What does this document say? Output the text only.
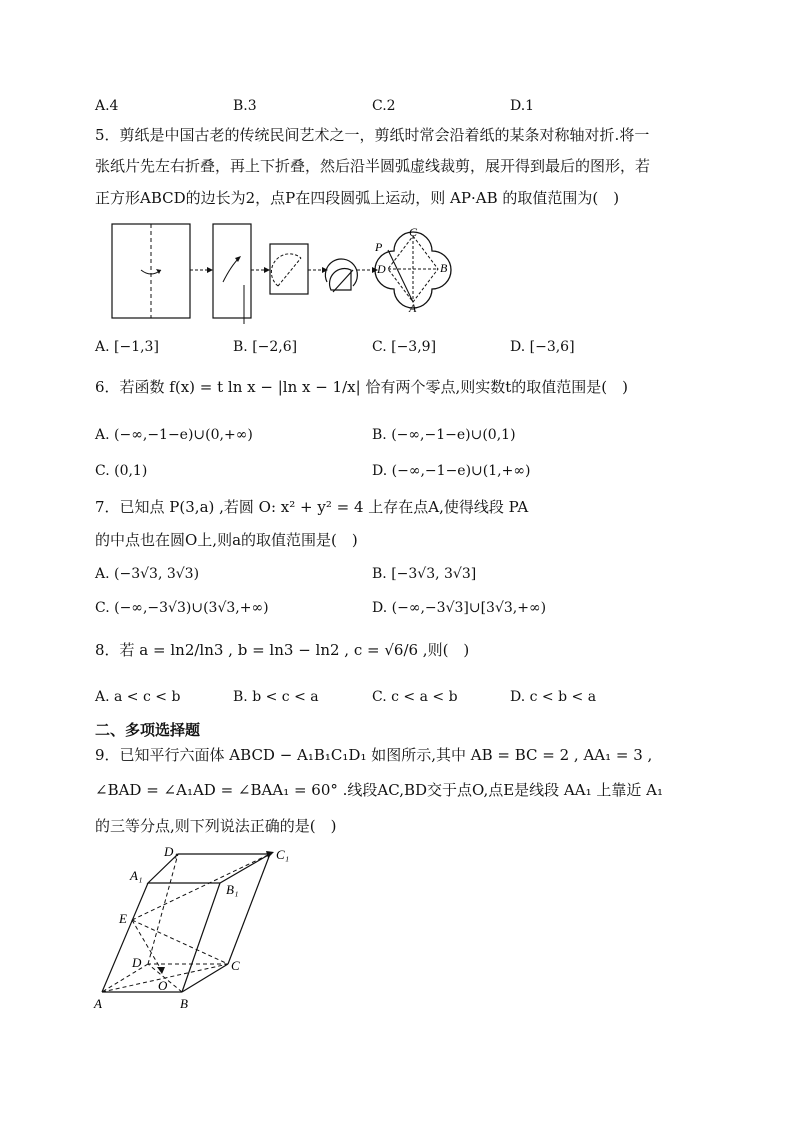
A.4	B.3	C.2	D.1
5．剪纸是中国古老的传统民间艺术之一，剪纸时常会沿着纸的某条对称轴对折.将一
张纸片先左右折叠，再上下折叠，然后沿半圆弧虚线裁剪，展开得到最后的图形，若
正方形ABCD的边长为2，点P在四段圆弧上运动，则 AP·AB 的取值范围为(　)
P
C
D	B
A
A. [−1,3]	B. [−2,6]	C. [−3,9]	D. [−3,6]
6．若函数 f(x) = t ln x − |ln x − 1/x| 恰有两个零点,则实数t的取值范围是(　)
A. (−∞,−1−e)∪(0,+∞)	B. (−∞,−1−e)∪(0,1)
C. (0,1)	D. (−∞,−1−e)∪(1,+∞)
7．已知点 P(3,a) ,若圆 O: x² + y² = 4 上存在点A,使得线段 PA
的中点也在圆O上,则a的取值范围是(　)
A. (−3√3, 3√3)	B. [−3√3, 3√3]
C. (−∞,−3√3)∪(3√3,+∞)	D. (−∞,−3√3]∪[3√3,+∞)
8．若 a = ln2/ln3 , b = ln3 − ln2 , c = √6/6 ,则(　)
A. a < c < b	B. b < c < a	C. c < a < b	D. c < b < a
二、多项选择题
9．已知平行六面体 ABCD − A₁B₁C₁D₁ 如图所示,其中 AB = BC = 2 , AA₁ = 3 ,
∠BAD = ∠A₁AD = ∠BAA₁ = 60° .线段AC,BD交于点O,点E是线段 AA₁ 上靠近 A₁
的三等分点,则下列说法正确的是(　)
D₁	C₁
A₁
B₁
E
D	C
O
A	B
